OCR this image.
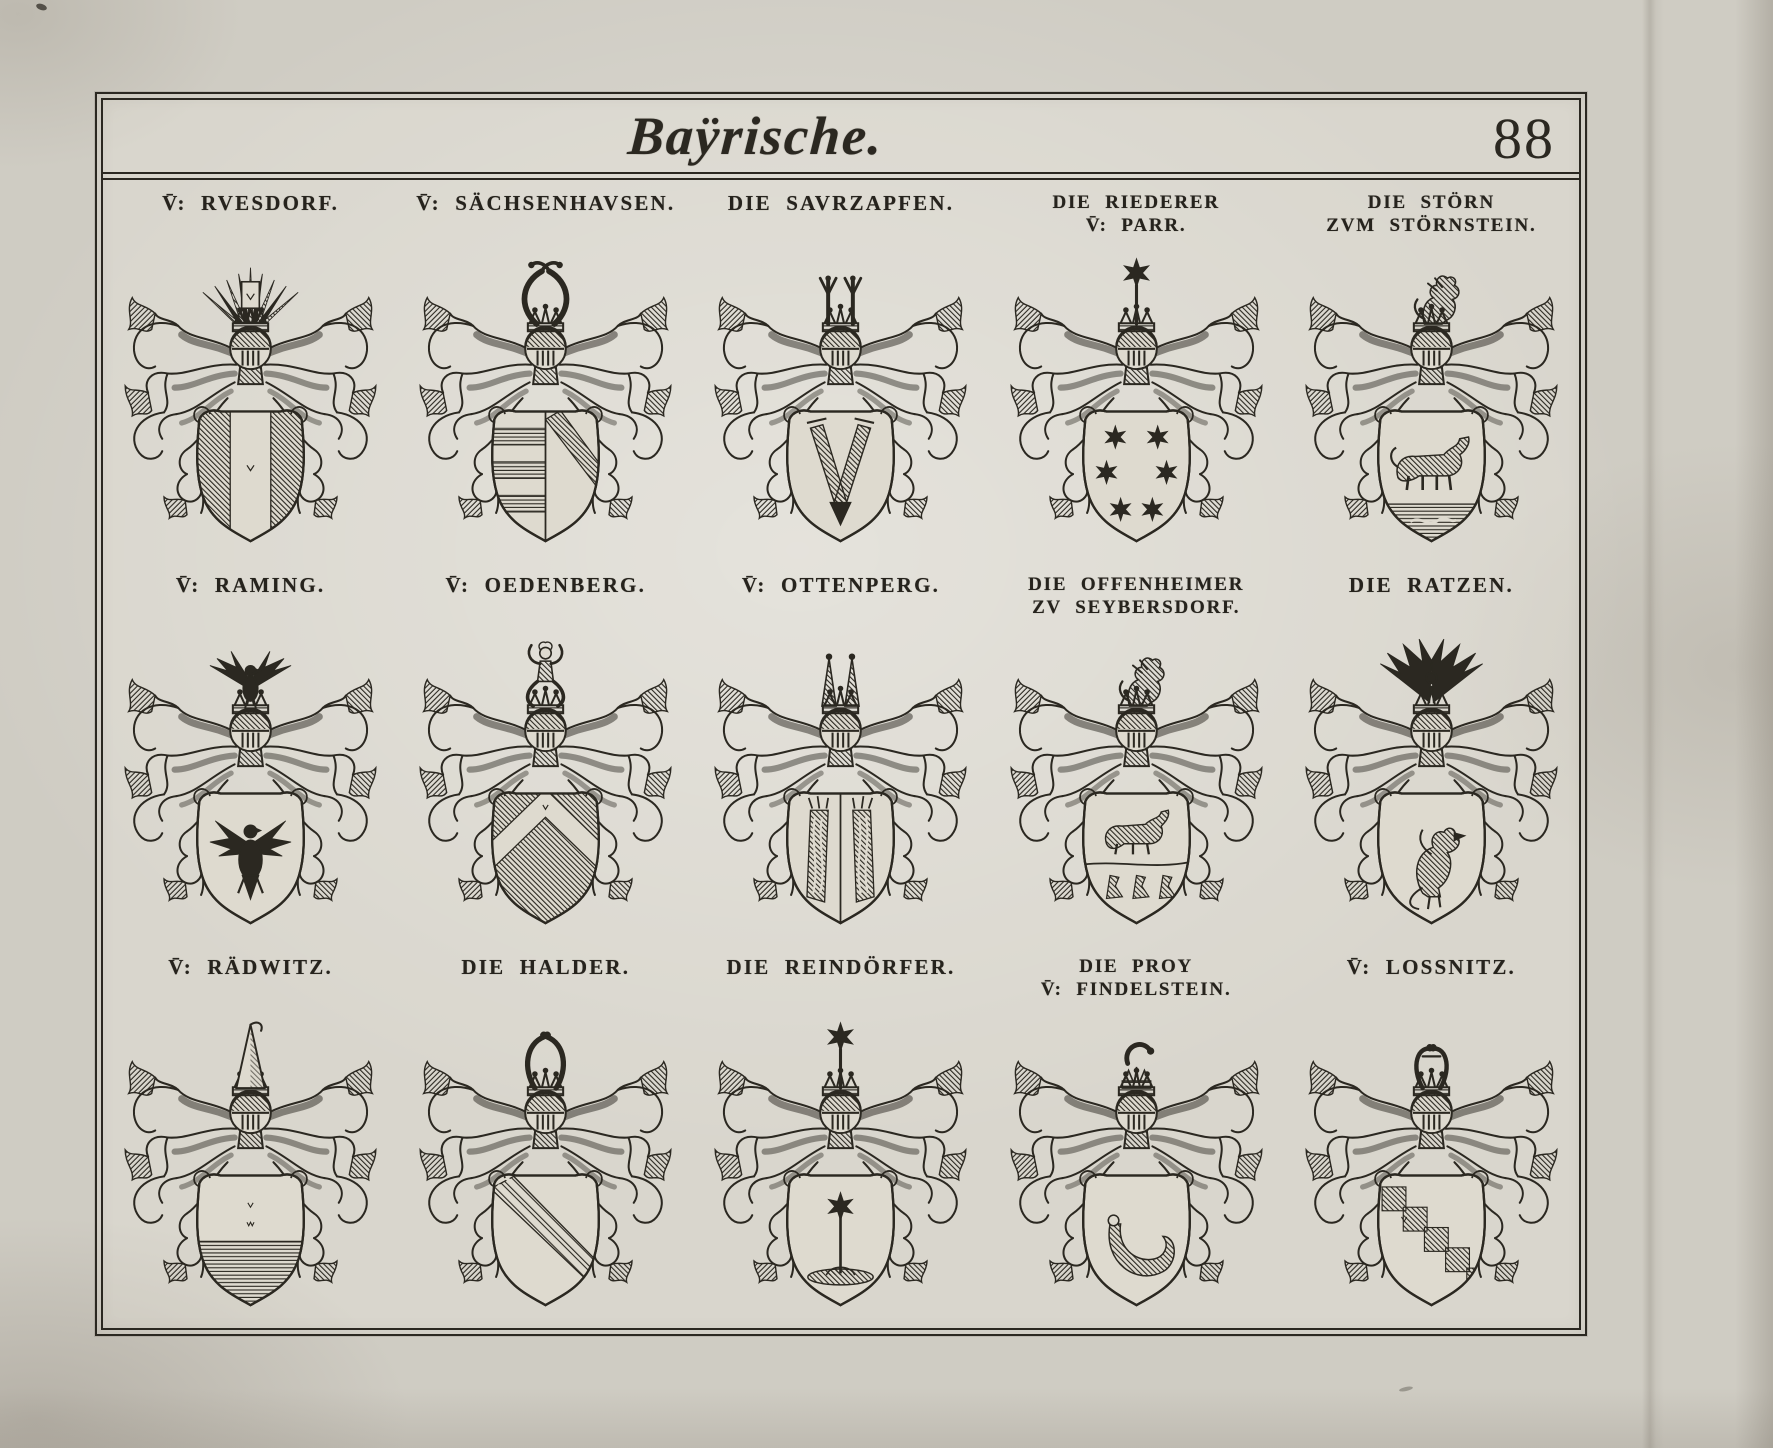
Baÿrische.	88
V̄: RVESDORF.	V̄: SÄCHSENHAVSEN. DIE SAVRZAPFEN.	DIE RIEDERER
V̄: PARR.
DIE STÖRN
ZVM STÖRNSTEIN.
V̄: RAMING.	V̄: OEDENBERG.	V̄: OTTENPERG.	DIE OFFENHEIMER
ZV SEYBERSDORF.
DIE RATZEN.
V̄: RÄDWITZ.	DIE HALDER.	DIE REINDÖRFER.	DIE PROY
V̄: FINDELSTEIN.
V̄: LOSSNITZ.
